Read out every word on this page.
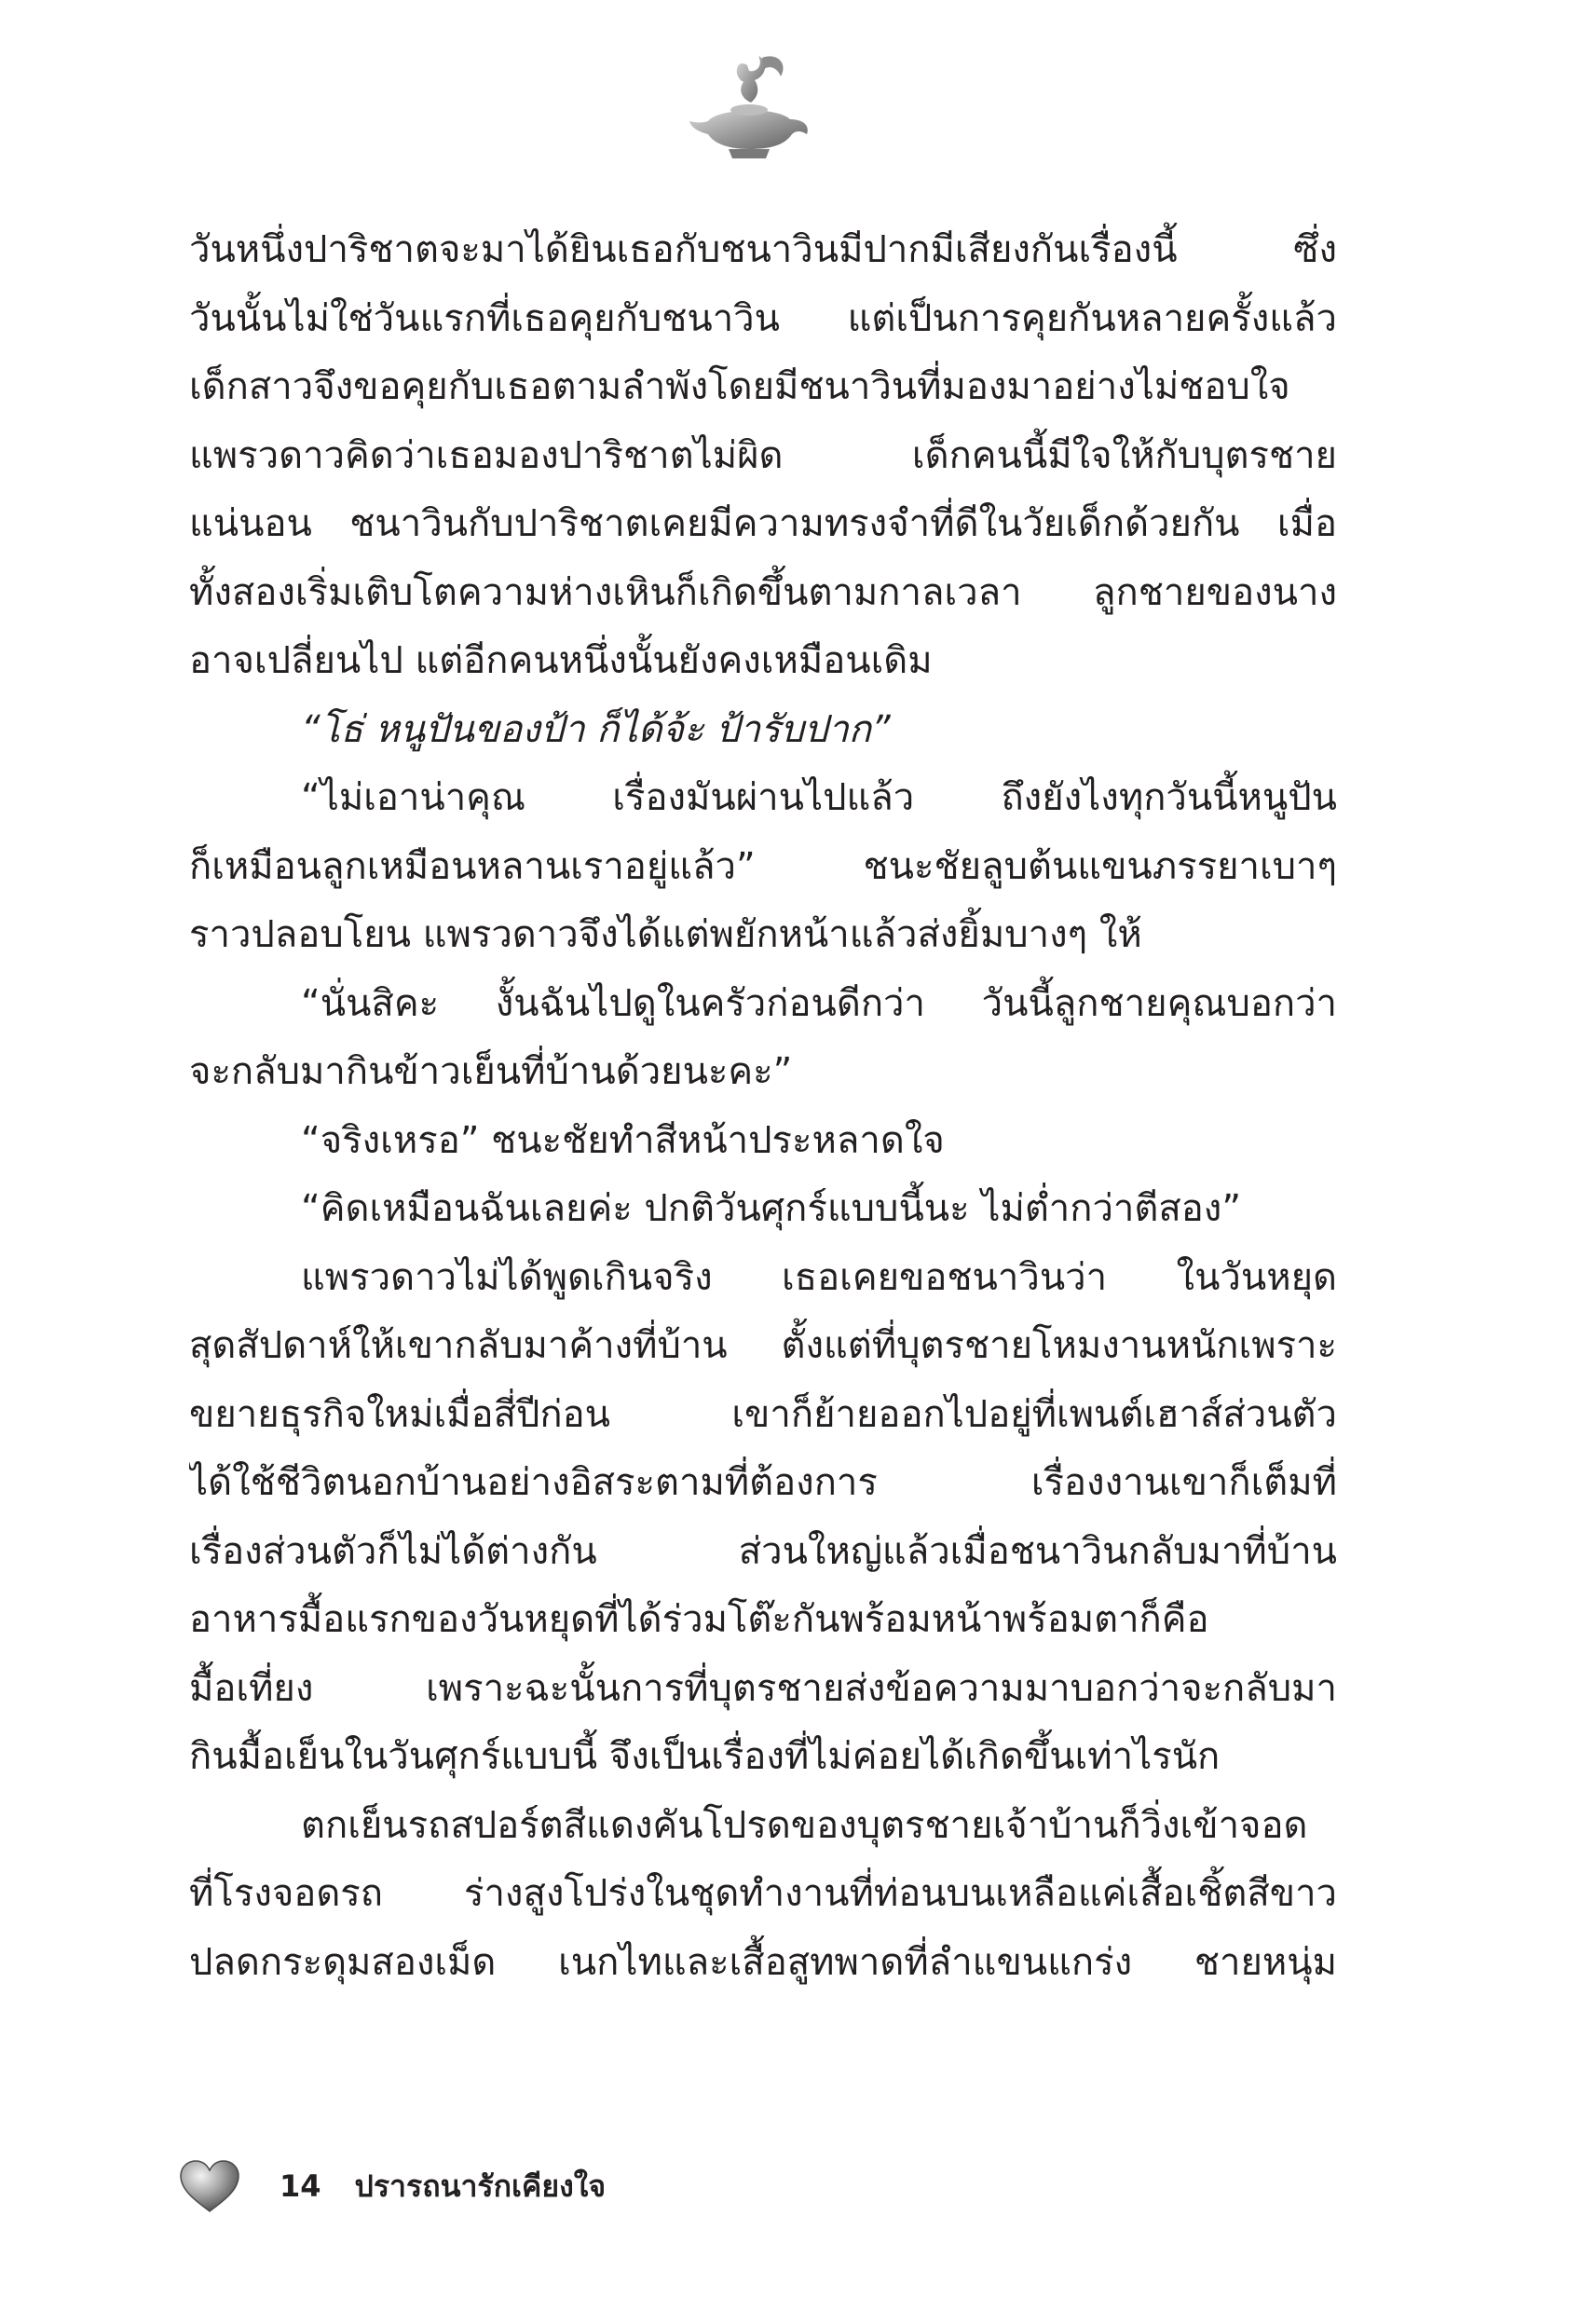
วันหนึ่งปาริชาตจะมาได้ยินเธอกับชนาวินมีปากมีเสียงกันเรื่องนี้ ซึ่ง
วันนั้นไม่ใช่วันแรกที่เธอคุยกับชนาวิน แต่เป็นการคุยกันหลายครั้งแล้ว
เด็กสาวจึงขอคุยกับเธอตามลำพังโดยมีชนาวินที่มองมาอย่างไม่ชอบใจ
แพรวดาวคิดว่าเธอมองปาริชาตไม่ผิด เด็กคนนี้มีใจให้กับบุตรชาย
แน่นอน ชนาวินกับปาริชาตเคยมีความทรงจำที่ดีในวัยเด็กด้วยกัน เมื่อ
ทั้งสองเริ่มเติบโตความห่างเหินก็เกิดขึ้นตามกาลเวลา ลูกชายของนาง
อาจเปลี่ยนไป แต่อีกคนหนึ่งนั้นยังคงเหมือนเดิม
“โธ่ หนูปันของป้า ก็ได้จ้ะ ป้ารับปาก”
“ไม่เอาน่าคุณ เรื่องมันผ่านไปแล้ว ถึงยังไงทุกวันนี้หนูปัน
ก็เหมือนลูกเหมือนหลานเราอยู่แล้ว” ชนะชัยลูบต้นแขนภรรยาเบาๆ
ราวปลอบโยน แพรวดาวจึงได้แต่พยักหน้าแล้วส่งยิ้มบางๆ ให้
“นั่นสิคะ งั้นฉันไปดูในครัวก่อนดีกว่า วันนี้ลูกชายคุณบอกว่า
จะกลับมากินข้าวเย็นที่บ้านด้วยนะคะ”
“จริงเหรอ” ชนะชัยทำสีหน้าประหลาดใจ
“คิดเหมือนฉันเลยค่ะ ปกติวันศุกร์แบบนี้นะ ไม่ต่ำกว่าตีสอง”
แพรวดาวไม่ได้พูดเกินจริง เธอเคยขอชนาวินว่า ในวันหยุด
สุดสัปดาห์ให้เขากลับมาค้างที่บ้าน ตั้งแต่ที่บุตรชายโหมงานหนักเพราะ
ขยายธุรกิจใหม่เมื่อสี่ปีก่อน เขาก็ย้ายออกไปอยู่ที่เพนต์เฮาส์ส่วนตัว
ได้ใช้ชีวิตนอกบ้านอย่างอิสระตามที่ต้องการ เรื่องงานเขาก็เต็มที่
เรื่องส่วนตัวก็ไม่ได้ต่างกัน ส่วนใหญ่แล้วเมื่อชนาวินกลับมาที่บ้าน
อาหารมื้อแรกของวันหยุดที่ได้ร่วมโต๊ะกันพร้อมหน้าพร้อมตาก็คือ
มื้อเที่ยง เพราะฉะนั้นการที่บุตรชายส่งข้อความมาบอกว่าจะกลับมา
กินมื้อเย็นในวันศุกร์แบบนี้ จึงเป็นเรื่องที่ไม่ค่อยได้เกิดขึ้นเท่าไรนัก
ตกเย็นรถสปอร์ตสีแดงคันโปรดของบุตรชายเจ้าบ้านก็วิ่งเข้าจอด
ที่โรงจอดรถ ร่างสูงโปร่งในชุดทำงานที่ท่อนบนเหลือแค่เสื้อเชิ้ตสีขาว
ปลดกระดุมสองเม็ด เนกไทและเสื้อสูทพาดที่ลำแขนแกร่ง ชายหนุ่ม
14 ปรารถนารักเคียงใจ
